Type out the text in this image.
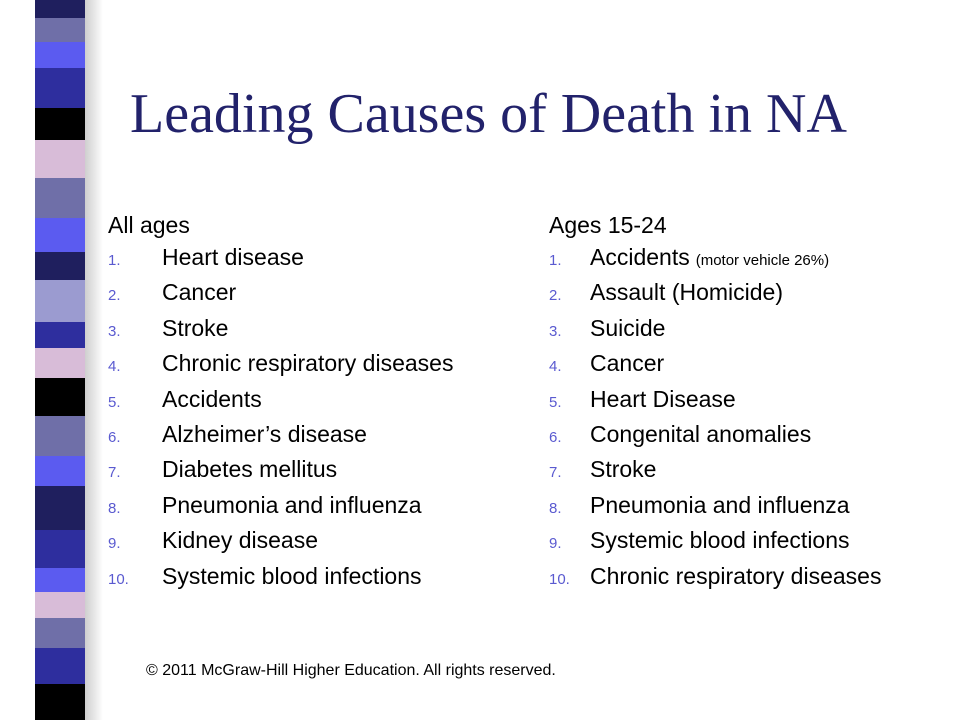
Leading Causes of Death in NA
All ages
1.	Heart disease
2.	Cancer
3.	Stroke
4.	Chronic respiratory diseases
5.	Accidents
6.	Alzheimer’s disease
7.	Diabetes mellitus
8.	Pneumonia and influenza
9.	Kidney disease
10.	Systemic blood infections
Ages 15-24
1.	Accidents (motor vehicle 26%)
2.	Assault (Homicide)
3.	Suicide
4.	Cancer
5.	Heart Disease
6.	Congenital anomalies
7.	Stroke
8.	Pneumonia and influenza
9.	Systemic blood infections
10. Chronic respiratory diseases
© 2011 McGraw-Hill Higher Education. All rights reserved.
